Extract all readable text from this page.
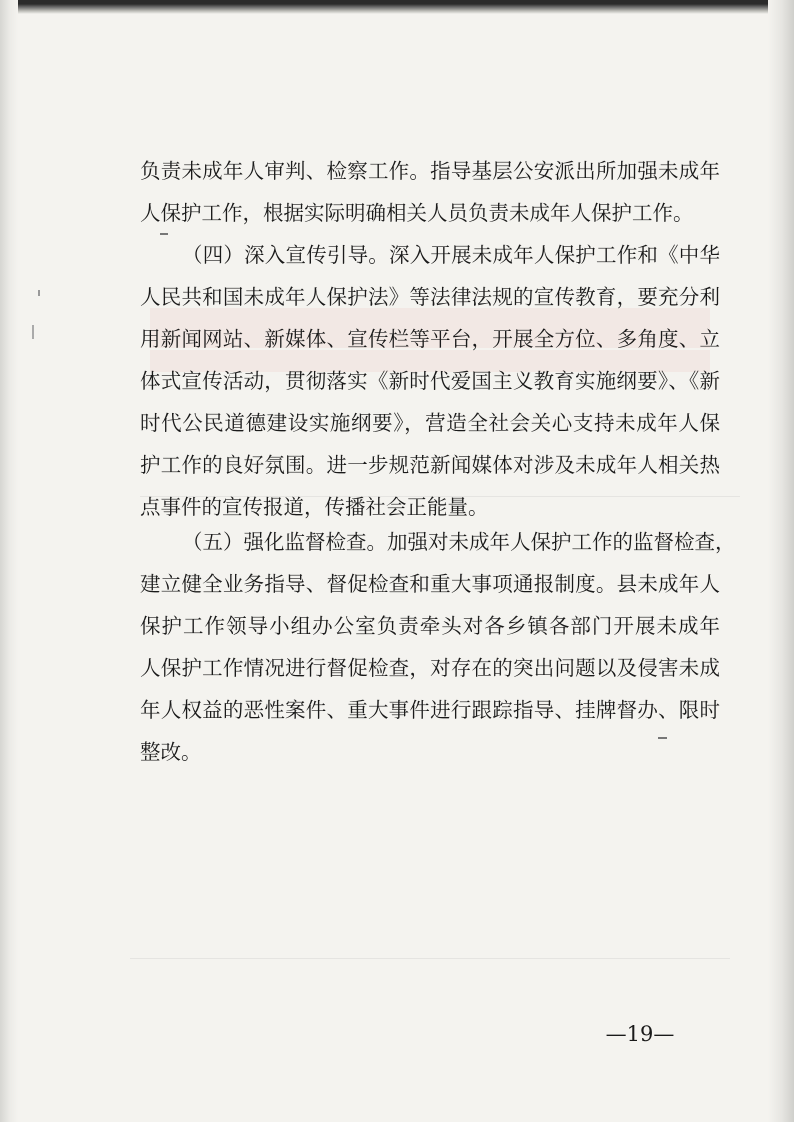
负责未成年人审判、检察工作。指导基层公安派出所加强未成年
人保护工作，根据实际明确相关人员负责未成年人保护工作。
（四）深入宣传引导。深入开展未成年人保护工作和《中华
人民共和国未成年人保护法》等法律法规的宣传教育，要充分利
用新闻网站、新媒体、宣传栏等平台，开展全方位、多角度、立
体式宣传活动，贯彻落实《新时代爱国主义教育实施纲要》、《新
时代公民道德建设实施纲要》，营造全社会关心支持未成年人保
护工作的良好氛围。进一步规范新闻媒体对涉及未成年人相关热
点事件的宣传报道，传播社会正能量。
（五）强化监督检查。加强对未成年人保护工作的监督检查，
建立健全业务指导、督促检查和重大事项通报制度。县未成年人
保护工作领导小组办公室负责牵头对各乡镇各部门开展未成年
人保护工作情况进行督促检查，对存在的突出问题以及侵害未成
年人权益的恶性案件、重大事件进行跟踪指导、挂牌督办、限时
整改。
—19—
